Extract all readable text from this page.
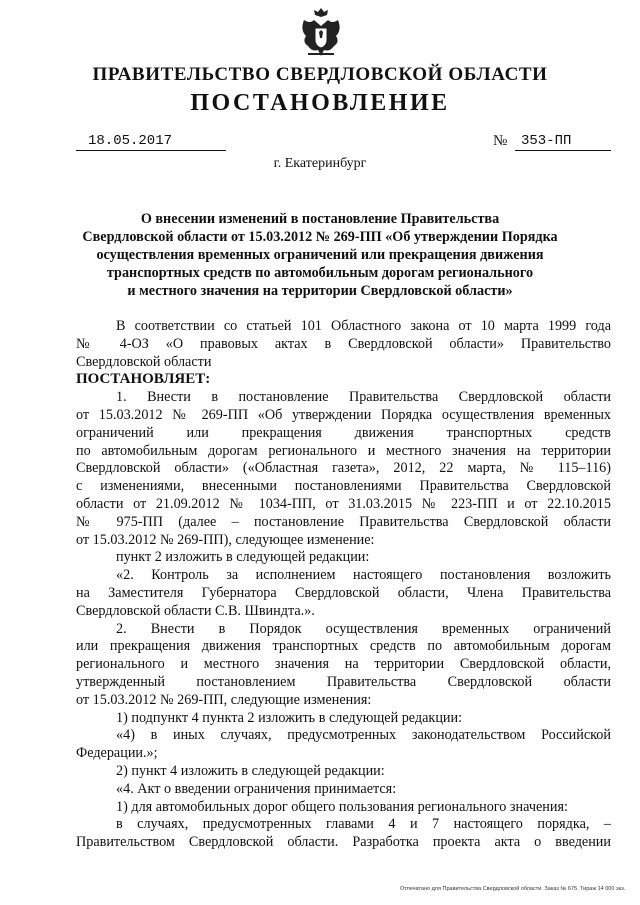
ПРАВИТЕЛЬСТВО СВЕРДЛОВСКОЙ ОБЛАСТИ
ПОСТАНОВЛЕНИЕ
18.05.2017	№ 353-ПП
г. Екатеринбург
О внесении изменений в постановление Правительства
Свердловской области от 15.03.2012 № 269-ПП «Об утверждении Порядка
осуществления временных ограничений или прекращения движения
транспортных средств по автомобильным дорогам регионального
и местного значения на территории Свердловской области»
В соответствии со статьей 101 Областного закона от 10 марта 1999 года
№ 4-ОЗ «О правовых актах в Свердловской области» Правительство
Свердловской области
ПОСТАНОВЛЯЕТ:
1. Внести в постановление Правительства Свердловской области
от 15.03.2012 № 269-ПП «Об утверждении Порядка осуществления временных
ограничений или прекращения движения транспортных средств
по автомобильным дорогам регионального и местного значения на территории
Свердловской области» («Областная газета», 2012, 22 марта, № 115–116)
с изменениями, внесенными постановлениями Правительства Свердловской
области от 21.09.2012 № 1034-ПП, от 31.03.2015 № 223-ПП и от 22.10.2015
№ 975-ПП (далее – постановление Правительства Свердловской области
от 15.03.2012 № 269-ПП), следующее изменение:
пункт 2 изложить в следующей редакции:
«2. Контроль за исполнением настоящего постановления возложить
на Заместителя Губернатора Свердловской области, Члена Правительства
Свердловской области С.В. Швиндта.».
2. Внести в Порядок осуществления временных ограничений
или прекращения движения транспортных средств по автомобильным дорогам
регионального и местного значения на территории Свердловской области,
утвержденный постановлением Правительства Свердловской области
от 15.03.2012 № 269-ПП, следующие изменения:
1) подпункт 4 пункта 2 изложить в следующей редакции:
«4) в иных случаях, предусмотренных законодательством Российской
Федерации.»;
2) пункт 4 изложить в следующей редакции:
«4. Акт о введении ограничения принимается:
1) для автомобильных дорог общего пользования регионального значения:
в случаях, предусмотренных главами 4 и 7 настоящего порядка, –
Правительством Свердловской области. Разработка проекта акта о введении
Отпечатано для Правительства Свердловской области. Заказ № 675. Тираж 14 000 экз.
